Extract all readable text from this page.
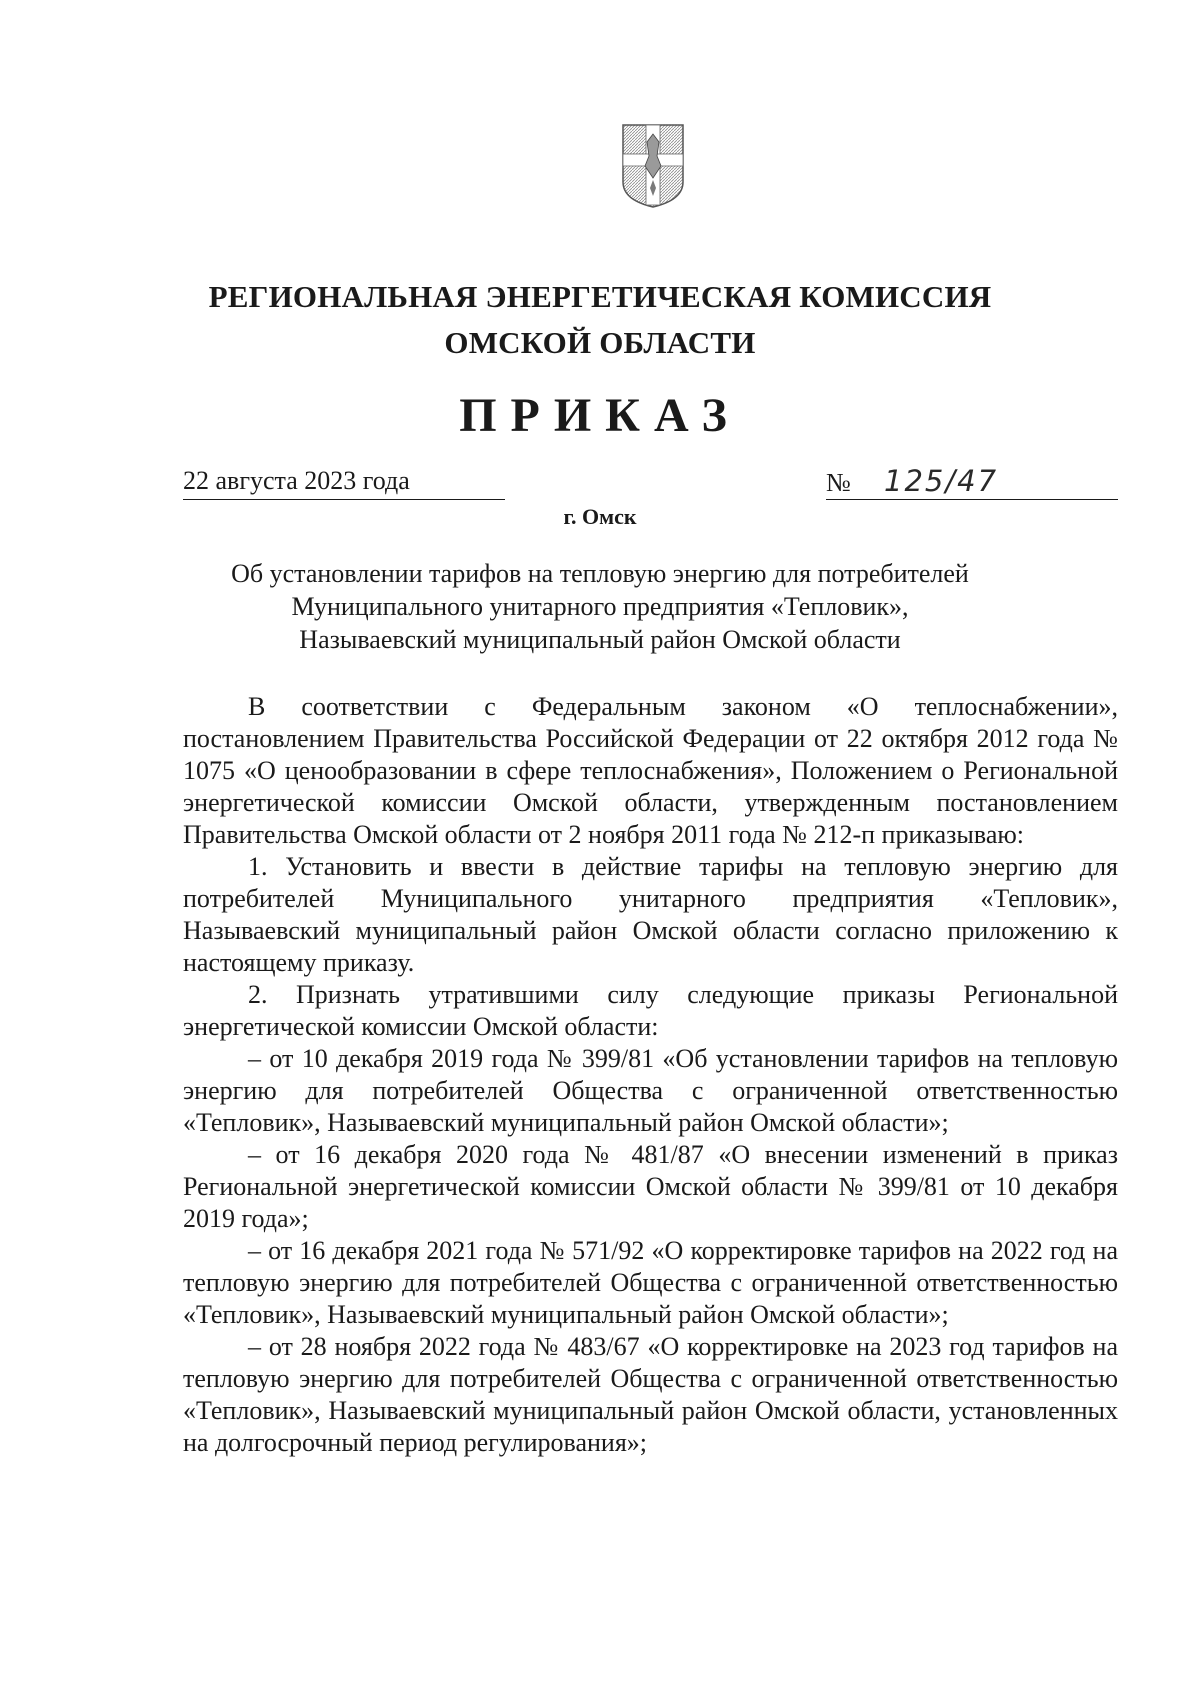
РЕГИОНАЛЬНАЯ ЭНЕРГЕТИЧЕСКАЯ КОМИССИЯ
ОМСКОЙ ОБЛАСТИ
ПРИКАЗ
22 августа 2023 года	№ 125/47
г. Омск
Об установлении тарифов на тепловую энергию для потребителей
Муниципального унитарного предприятия «Тепловик»,
Называевский муниципальный район Омской области

В соответствии с Федеральным законом «О теплоснабжении», постановлением Правительства Российской Федерации от 22 октября 2012 года № 1075 «О ценообразовании в сфере теплоснабжения», Положением о Региональной энергетической комиссии Омской области, утвержденным постановлением Правительства Омской области от 2 ноября 2011 года № 212-п приказываю:

1. Установить и ввести в действие тарифы на тепловую энергию для потребителей Муниципального унитарного предприятия «Тепловик», Называевский муниципальный район Омской области согласно приложению к настоящему приказу.

2. Признать утратившими силу следующие приказы Региональной энергетической комиссии Омской области:

– от 10 декабря 2019 года № 399/81 «Об установлении тарифов на тепловую энергию для потребителей Общества с ограниченной ответственностью «Тепловик», Называевский муниципальный район Омской области»;

– от 16 декабря 2020 года № 481/87 «О внесении изменений в приказ Региональной энергетической комиссии Омской области № 399/81 от 10 декабря 2019 года»;

– от 16 декабря 2021 года № 571/92 «О корректировке тарифов на 2022 год на тепловую энергию для потребителей Общества с ограниченной ответственностью «Тепловик», Называевский муниципальный район Омской области»;

– от 28 ноября 2022 года № 483/67 «О корректировке на 2023 год тарифов на тепловую энергию для потребителей Общества с ограниченной ответственностью «Тепловик», Называевский муниципальный район Омской области, установленных на долгосрочный период регулирования»;
